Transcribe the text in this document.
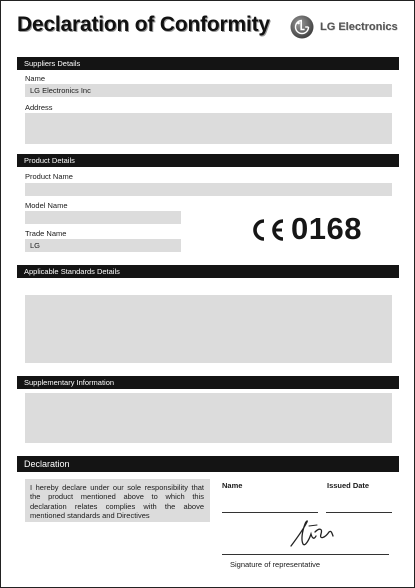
Declaration of Conformity	LG Electronics
Suppliers Details
Name
LG Electronics Inc
Address
Product Details
Product Name
Model Name
Trade Name
LG	0168
Applicable Standards Details
Supplementary Information
Declaration
I hereby declare under our sole responsibility that the product mentioned above to which this declaration relates complies with the above mentioned standards and Directives
Name	Issued Date
Signature of representative
